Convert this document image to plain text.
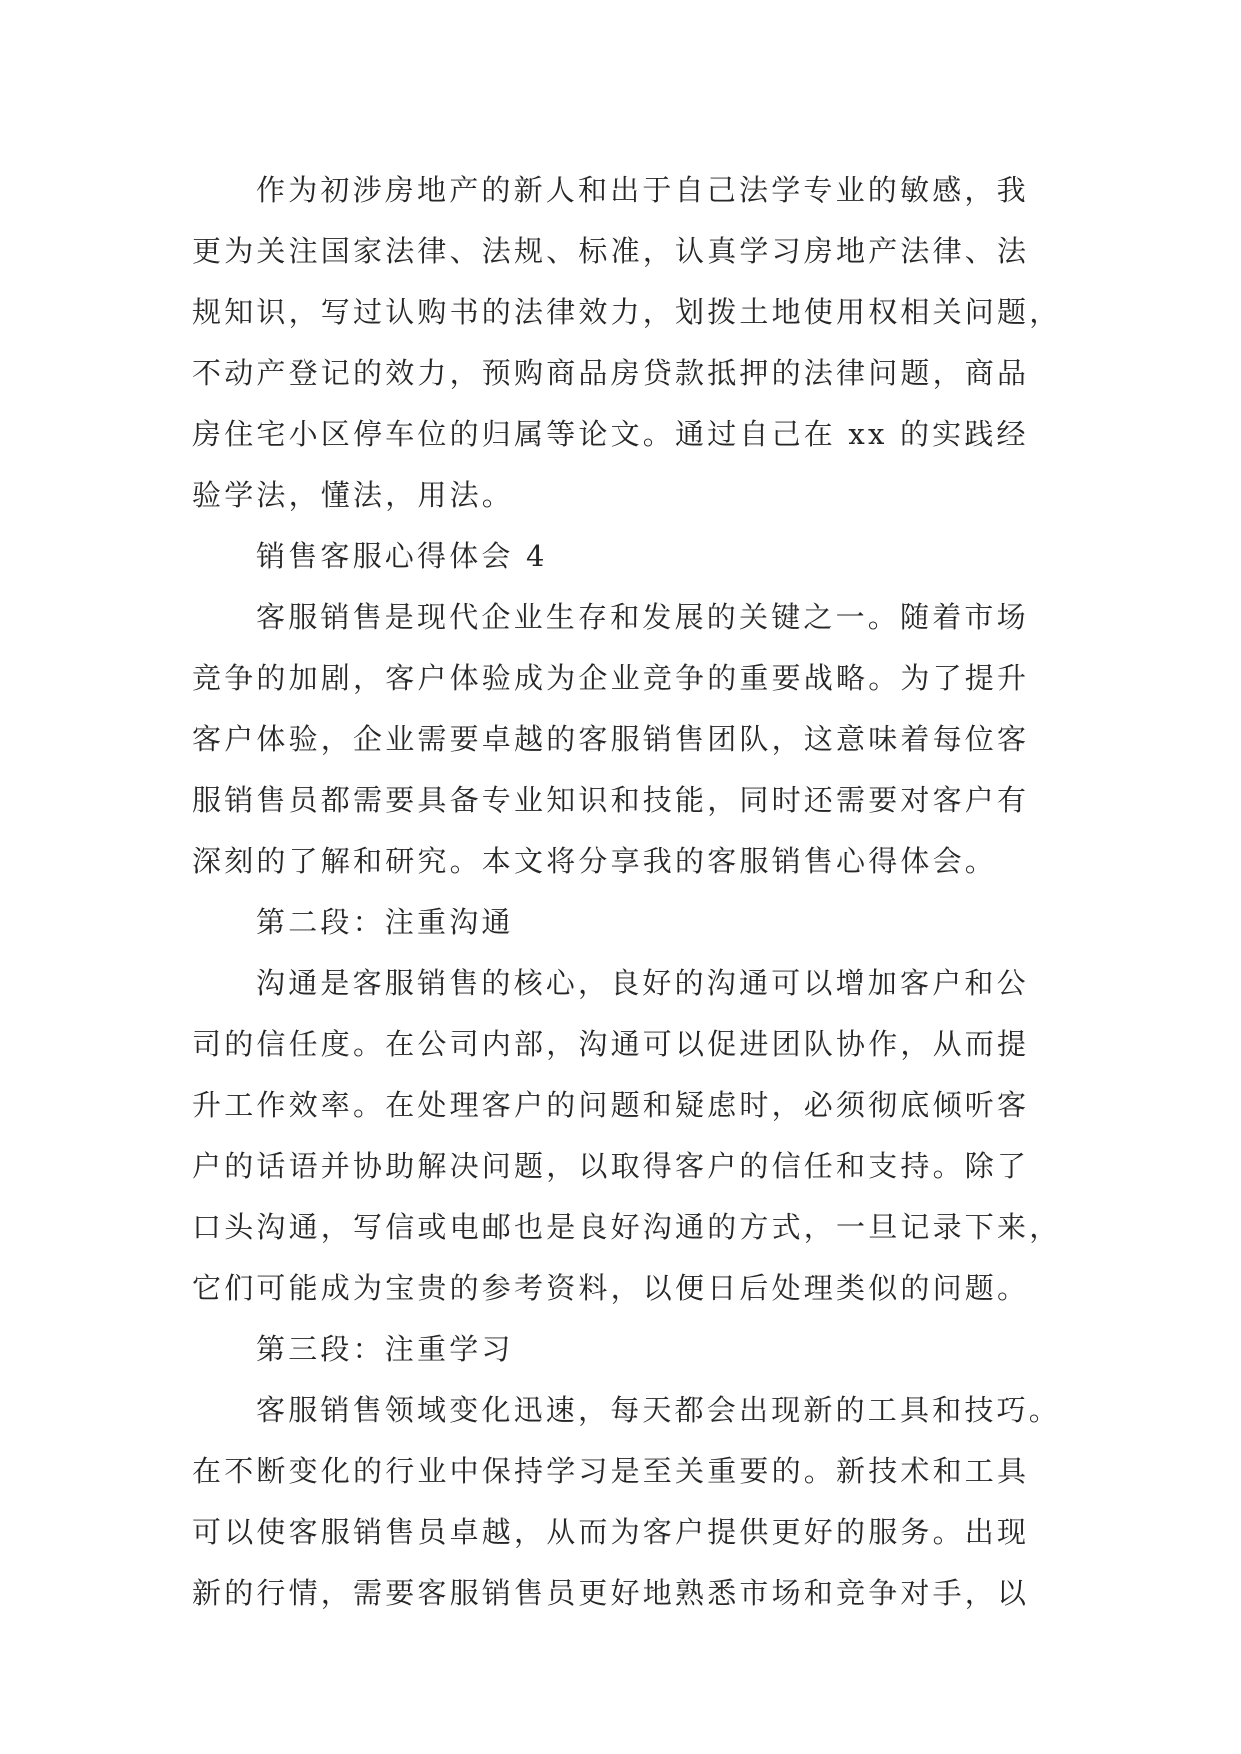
作为初涉房地产的新人和出于自己法学专业的敏感，我
更为关注国家法律、法规、标准，认真学习房地产法律、法
规知识，写过认购书的法律效力，划拨土地使用权相关问题，
不动产登记的效力，预购商品房贷款抵押的法律问题，商品
房住宅小区停车位的归属等论文。通过自己在 xx 的实践经
验学法，懂法，用法。
销售客服心得体会 4
客服销售是现代企业生存和发展的关键之一。随着市场
竞争的加剧，客户体验成为企业竞争的重要战略。为了提升
客户体验，企业需要卓越的客服销售团队，这意味着每位客
服销售员都需要具备专业知识和技能，同时还需要对客户有
深刻的了解和研究。本文将分享我的客服销售心得体会。
第二段：注重沟通
沟通是客服销售的核心，良好的沟通可以增加客户和公
司的信任度。在公司内部，沟通可以促进团队协作，从而提
升工作效率。在处理客户的问题和疑虑时，必须彻底倾听客
户的话语并协助解决问题，以取得客户的信任和支持。除了
口头沟通，写信或电邮也是良好沟通的方式，一旦记录下来，
它们可能成为宝贵的参考资料，以便日后处理类似的问题。
第三段：注重学习
客服销售领域变化迅速，每天都会出现新的工具和技巧。
在不断变化的行业中保持学习是至关重要的。新技术和工具
可以使客服销售员卓越，从而为客户提供更好的服务。出现
新的行情，需要客服销售员更好地熟悉市场和竞争对手，以
